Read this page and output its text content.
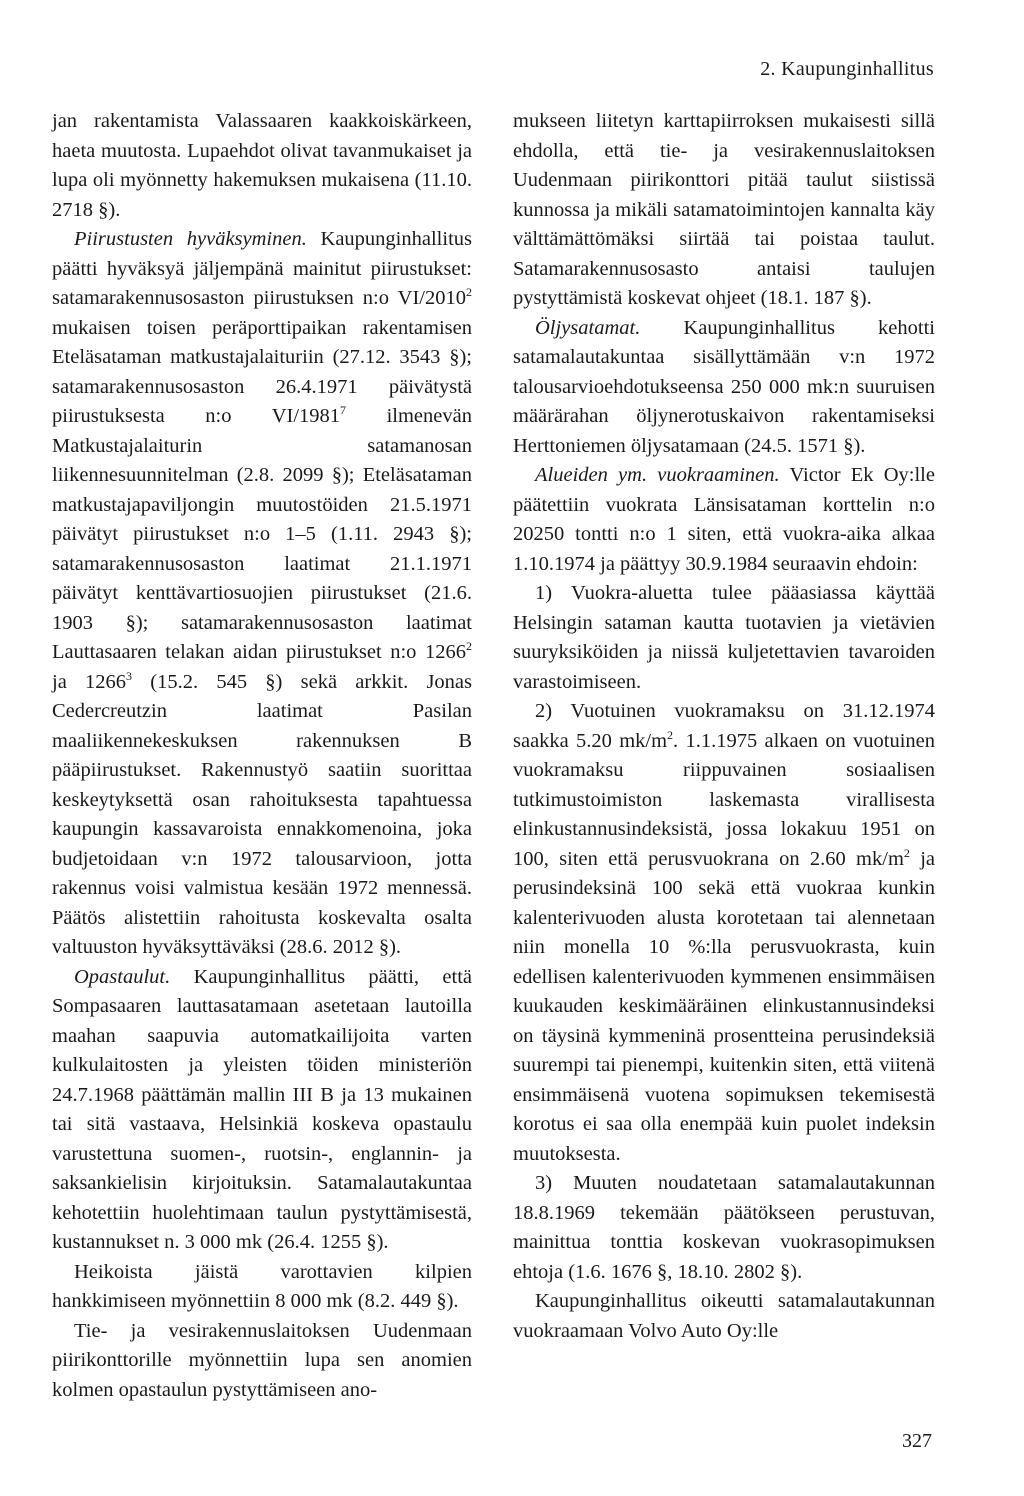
2. Kaupunginhallitus

jan rakentamista Valassaaren kaakkoiskärkeen, haeta muutosta. Lupaehdot olivat tavanmukaiset ja lupa oli myönnetty hakemuksen mukaisena (11.10. 2718 §).

Piirustusten hyväksyminen. Kaupunginhallitus päätti hyväksyä jäljempänä mainitut piirustukset: satamarakennusosaston piirustuksen n:o VI/2010$^2$ mukaisen toisen peräporttipaikan rakentamisen Eteläsataman matkustajalaituriin (27.12. 3543 §); satamarakennusosaston 26.4.1971 päivätystä piirustuksesta n:o VI/1981$^7$ ilmenevän Matkustajalaiturin satamanosan liikennesuunnitelman (2.8. 2099 §); Eteläsataman matkustajapaviljongin muutostöiden 21.5.1971 päivätyt piirustukset n:o 1–5 (1.11. 2943 §); satamarakennusosaston laatimat 21.1.1971 päivätyt kenttävartiosuojien piirustukset (21.6. 1903 §); satamarakennusosaston laatimat Lauttasaaren telakan aidan piirustukset n:o 1266$^2$ ja 1266$^3$ (15.2. 545 §) sekä arkkit. Jonas Cedercreutzin laatimat Pasilan maaliikennekeskuksen rakennuksen B pääpiirustukset. Rakennustyö saatiin suorittaa keskeytyksettä osan rahoituksesta tapahtuessa kaupungin kassavaroista ennakkomenoina, joka budjetoidaan v:n 1972 talousarvioon, jotta rakennus voisi valmistua kesään 1972 mennessä. Päätös alistettiin rahoitusta koskevalta osalta valtuuston hyväksyttäväksi (28.6. 2012 §).

Opastaulut. Kaupunginhallitus päätti, että Sompasaaren lauttasatamaan asetetaan lautoilla maahan saapuvia automatkailijoita varten kulkulaitosten ja yleisten töiden ministeriön 24.7.1968 päättämän mallin III B ja 13 mukainen tai sitä vastaava, Helsinkiä koskeva opastaulu varustettuna suomen-, ruotsin-, englannin- ja saksankielisin kirjoituksin. Satamalautakuntaa kehotettiin huolehtimaan taulun pystyttämisestä, kustannukset n. 3 000 mk (26.4. 1255 §).

Heikoista jäistä varottavien kilpien hankkimiseen myönnettiin 8 000 mk (8.2. 449 §).

Tie- ja vesirakennuslaitoksen Uudenmaan piirikonttorille myönnettiin lupa sen anomien kolmen opastaulun pystyttämiseen ano-

mukseen liitetyn karttapiirroksen mukaisesti sillä ehdolla, että tie- ja vesirakennuslaitoksen Uudenmaan piirikonttori pitää taulut siistissä kunnossa ja mikäli satamatoimintojen kannalta käy välttämättömäksi siirtää tai poistaa taulut. Satamarakennusosasto antaisi taulujen pystyttämistä koskevat ohjeet (18.1. 187 §).

Öljysatamat. Kaupunginhallitus kehotti satamalautakuntaa sisällyttämään v:n 1972 talousarvioehdotukseensa 250 000 mk:n suuruisen määrärahan öljynerotuskaivon rakentamiseksi Herttoniemen öljysatamaan (24.5. 1571 §).

Alueiden ym. vuokraaminen. Victor Ek Oy:lle päätettiin vuokrata Länsisataman korttelin n:o 20250 tontti n:o 1 siten, että vuokra-aika alkaa 1.10.1974 ja päättyy 30.9.1984 seuraavin ehdoin:

1) Vuokra-aluetta tulee pääasiassa käyttää Helsingin sataman kautta tuotavien ja vietävien suuryksiköiden ja niissä kuljetettavien tavaroiden varastoimiseen.

2) Vuotuinen vuokramaksu on 31.12.1974 saakka 5.20 $mk/m^2$. 1.1.1975 alkaen on vuotuinen vuokramaksu riippuvainen sosiaalisen tutkimustoimiston laskemasta virallisesta elinkustannusindeksistä, jossa lokakuu 1951 on 100, siten että perusvuokrana on 2.60 $mk/m^2$ ja perusindeksinä 100 sekä että vuokraa kunkin kalenterivuoden alusta korotetaan tai alennetaan niin monella 10 %:lla perusvuokrasta, kuin edellisen kalenterivuoden kymmenen ensimmäisen kuukauden keskimääräinen elinkustannusindeksi on täysinä kymmeninä prosentteina perusindeksiä suurempi tai pienempi, kuitenkin siten, että viitenä ensimmäisenä vuotena sopimuksen tekemisestä korotus ei saa olla enempää kuin puolet indeksin muutoksesta.

3) Muuten noudatetaan satamalautakunnan 18.8.1969 tekemään päätökseen perustuvan, mainittua tonttia koskevan vuokrasopimuksen ehtoja (1.6. 1676 §, 18.10. 2802 §).

Kaupunginhallitus oikeutti satamalautakunnan vuokraamaan Volvo Auto Oy:lle

327
